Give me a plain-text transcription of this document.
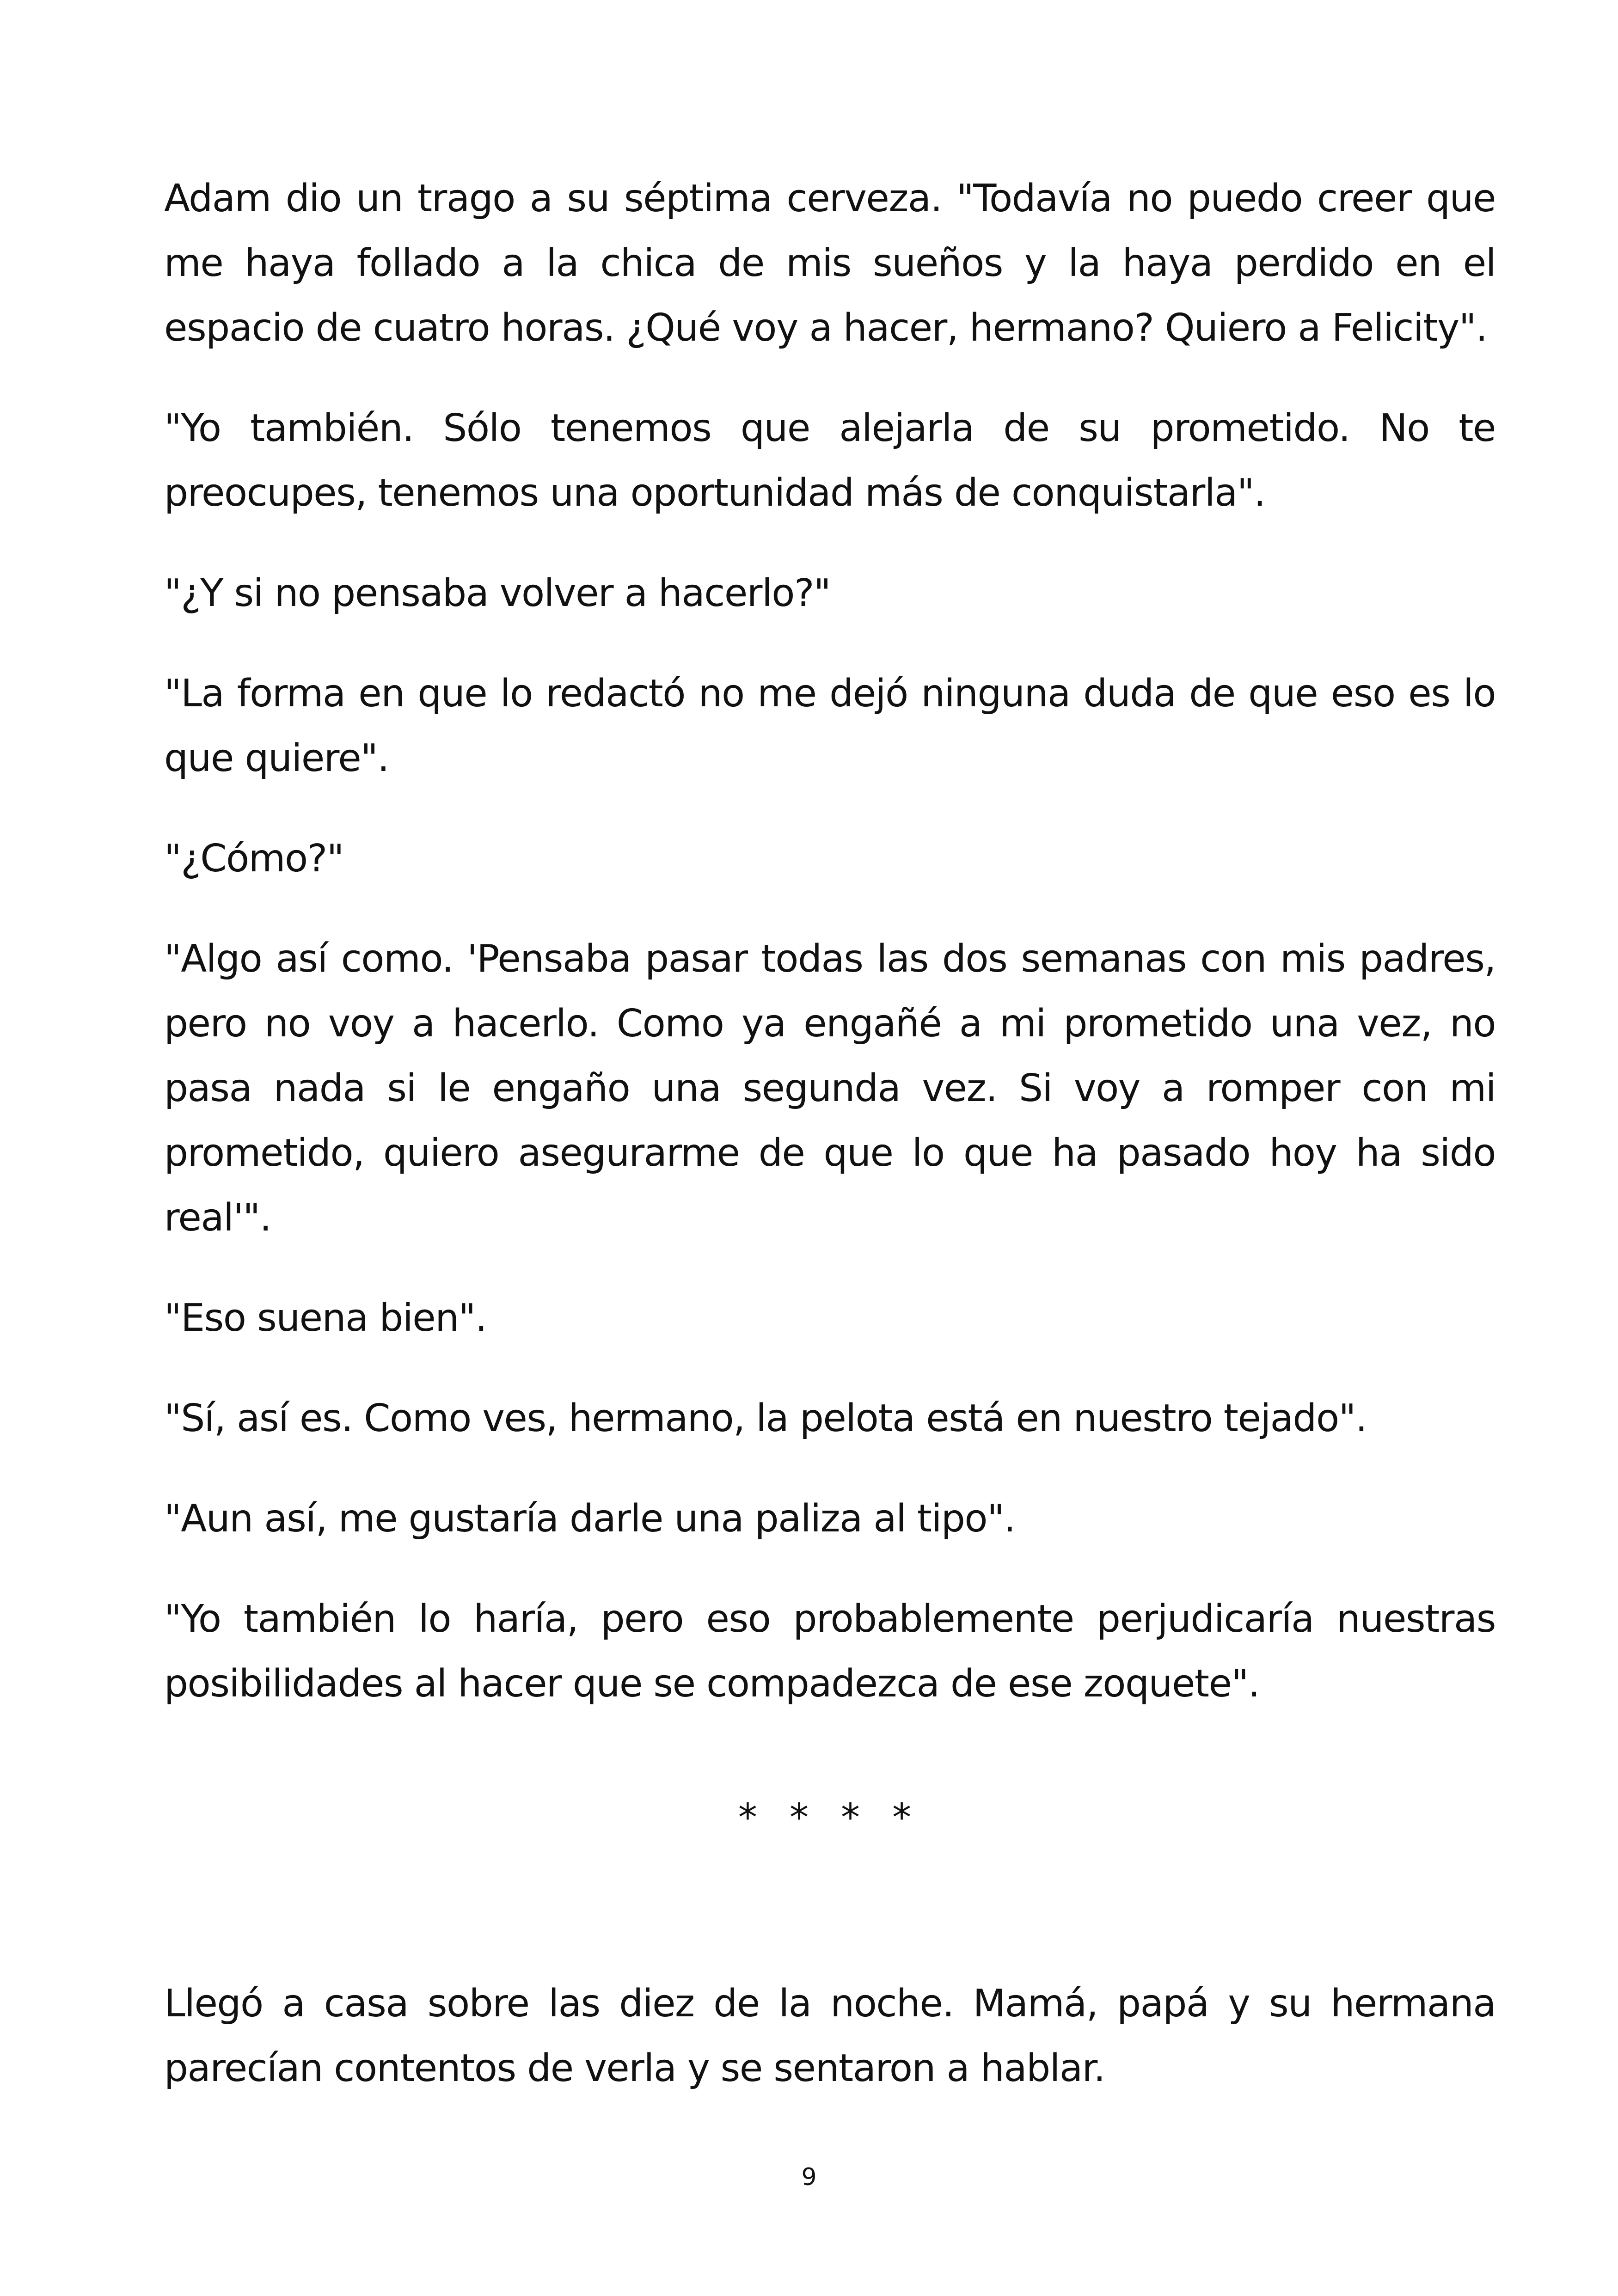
Adam dio un trago a su séptima cerveza. "Todavía no puedo creer que me haya follado a la chica de mis sueños y la haya perdido en el espacio de cuatro horas. ¿Qué voy a hacer, hermano? Quiero a Felicity".

"Yo también. Sólo tenemos que alejarla de su prometido. No te preocupes, tenemos una oportunidad más de conquistarla".

"¿Y si no pensaba volver a hacerlo?"

"La forma en que lo redactó no me dejó ninguna duda de que eso es lo que quiere".

"¿Cómo?"

"Algo así como. 'Pensaba pasar todas las dos semanas con mis padres, pero no voy a hacerlo. Como ya engañé a mi prometido una vez, no pasa nada si le engaño una segunda vez. Si voy a romper con mi prometido, quiero asegurarme de que lo que ha pasado hoy ha sido real'".

"Eso suena bien".

"Sí, así es. Como ves, hermano, la pelota está en nuestro tejado".

"Aun así, me gustaría darle una paliza al tipo".

"Yo también lo haría, pero eso probablemente perjudicaría nuestras posibilidades al hacer que se compadezca de ese zoquete".

* * * *

Llegó a casa sobre las diez de la noche. Mamá, papá y su hermana parecían contentos de verla y se sentaron a hablar.

9
